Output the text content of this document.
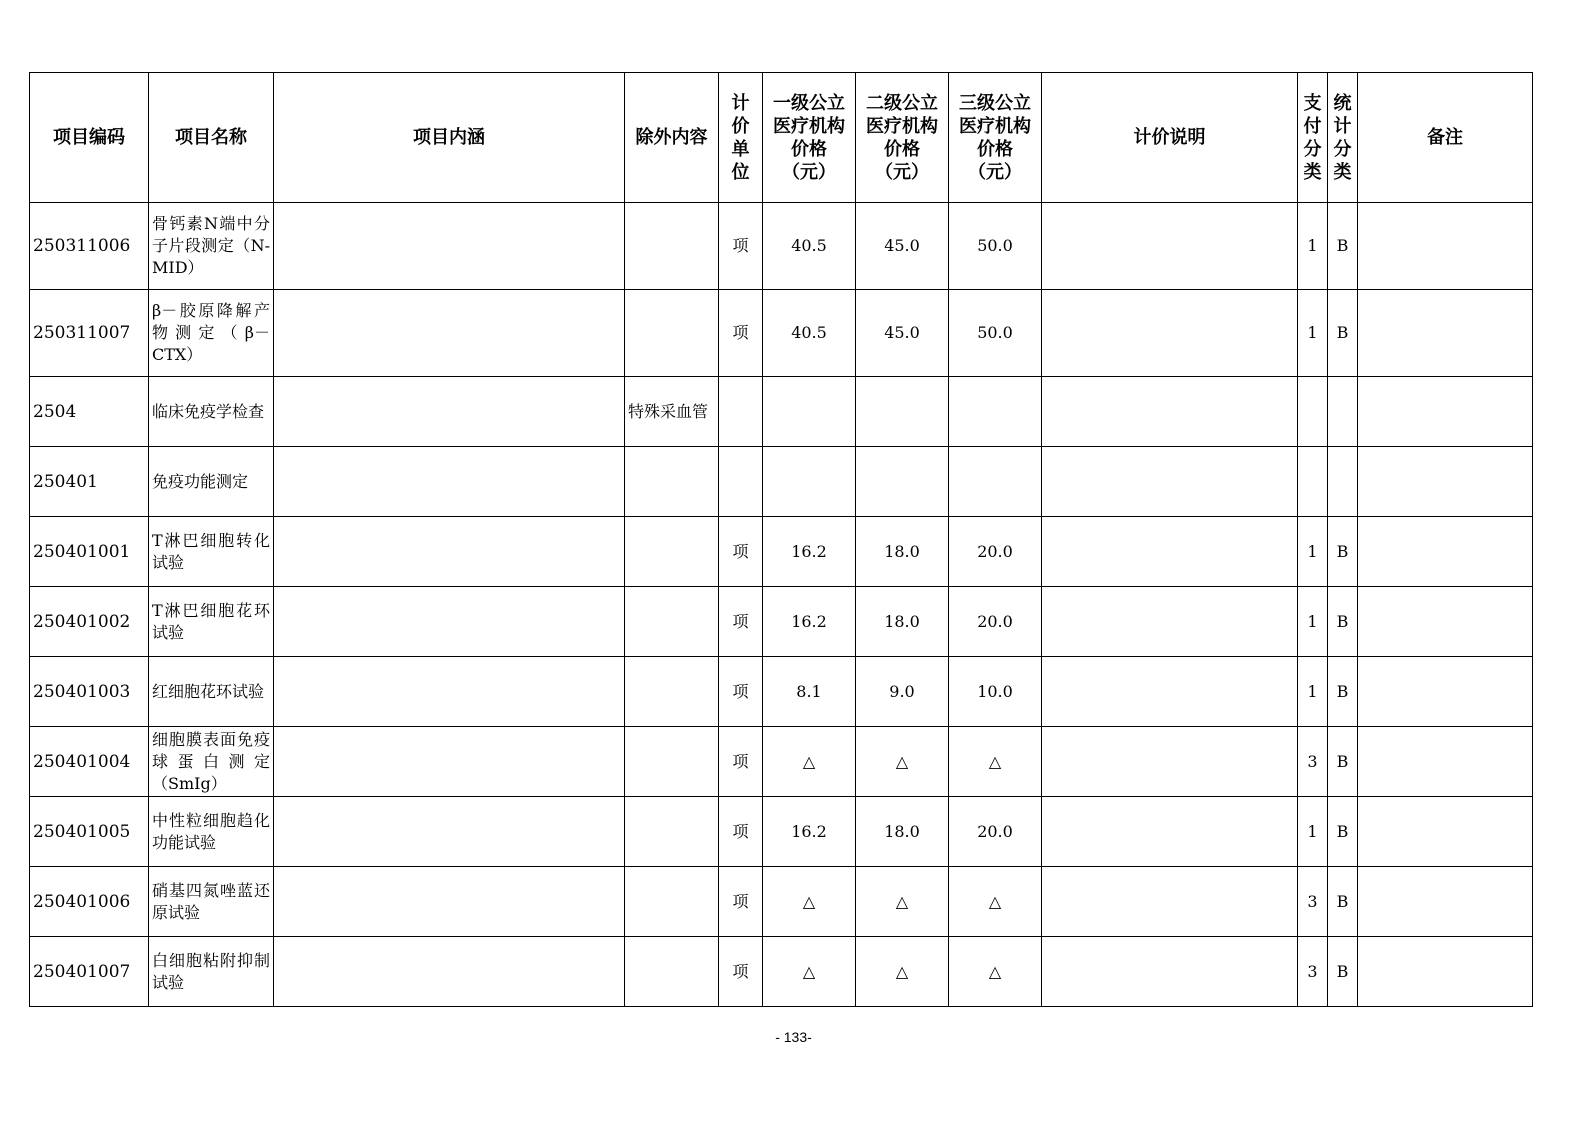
项目编码	项目名称	项目内涵	除外内容	计价单位	一级公立医疗机构价格（元）	二级公立医疗机构价格（元）	三级公立医疗机构价格（元）	计价说明	支付分类	统计分类	备注
250311006	骨钙素N端中分子片段测定（N-MID）			项	40.5	45.0	50.0		1	B	
250311007	β－胶原降解产物测定（β－CTX）			项	40.5	45.0	50.0		1	B	
2504	临床免疫学检查		特殊采血管								
250401	免疫功能测定										
250401001	T淋巴细胞转化试验			项	16.2	18.0	20.0		1	B	
250401002	T淋巴细胞花环试验			项	16.2	18.0	20.0		1	B	
250401003	红细胞花环试验			项	8.1	9.0	10.0		1	B	
250401004	细胞膜表面免疫球蛋白测定（SmIg）			项	△	△	△		3	B	
250401005	中性粒细胞趋化功能试验			项	16.2	18.0	20.0		1	B	
250401006	硝基四氮唑蓝还原试验			项	△	△	△		3	B	
250401007	白细胞粘附抑制试验			项	△	△	△		3	B	
- 133-
